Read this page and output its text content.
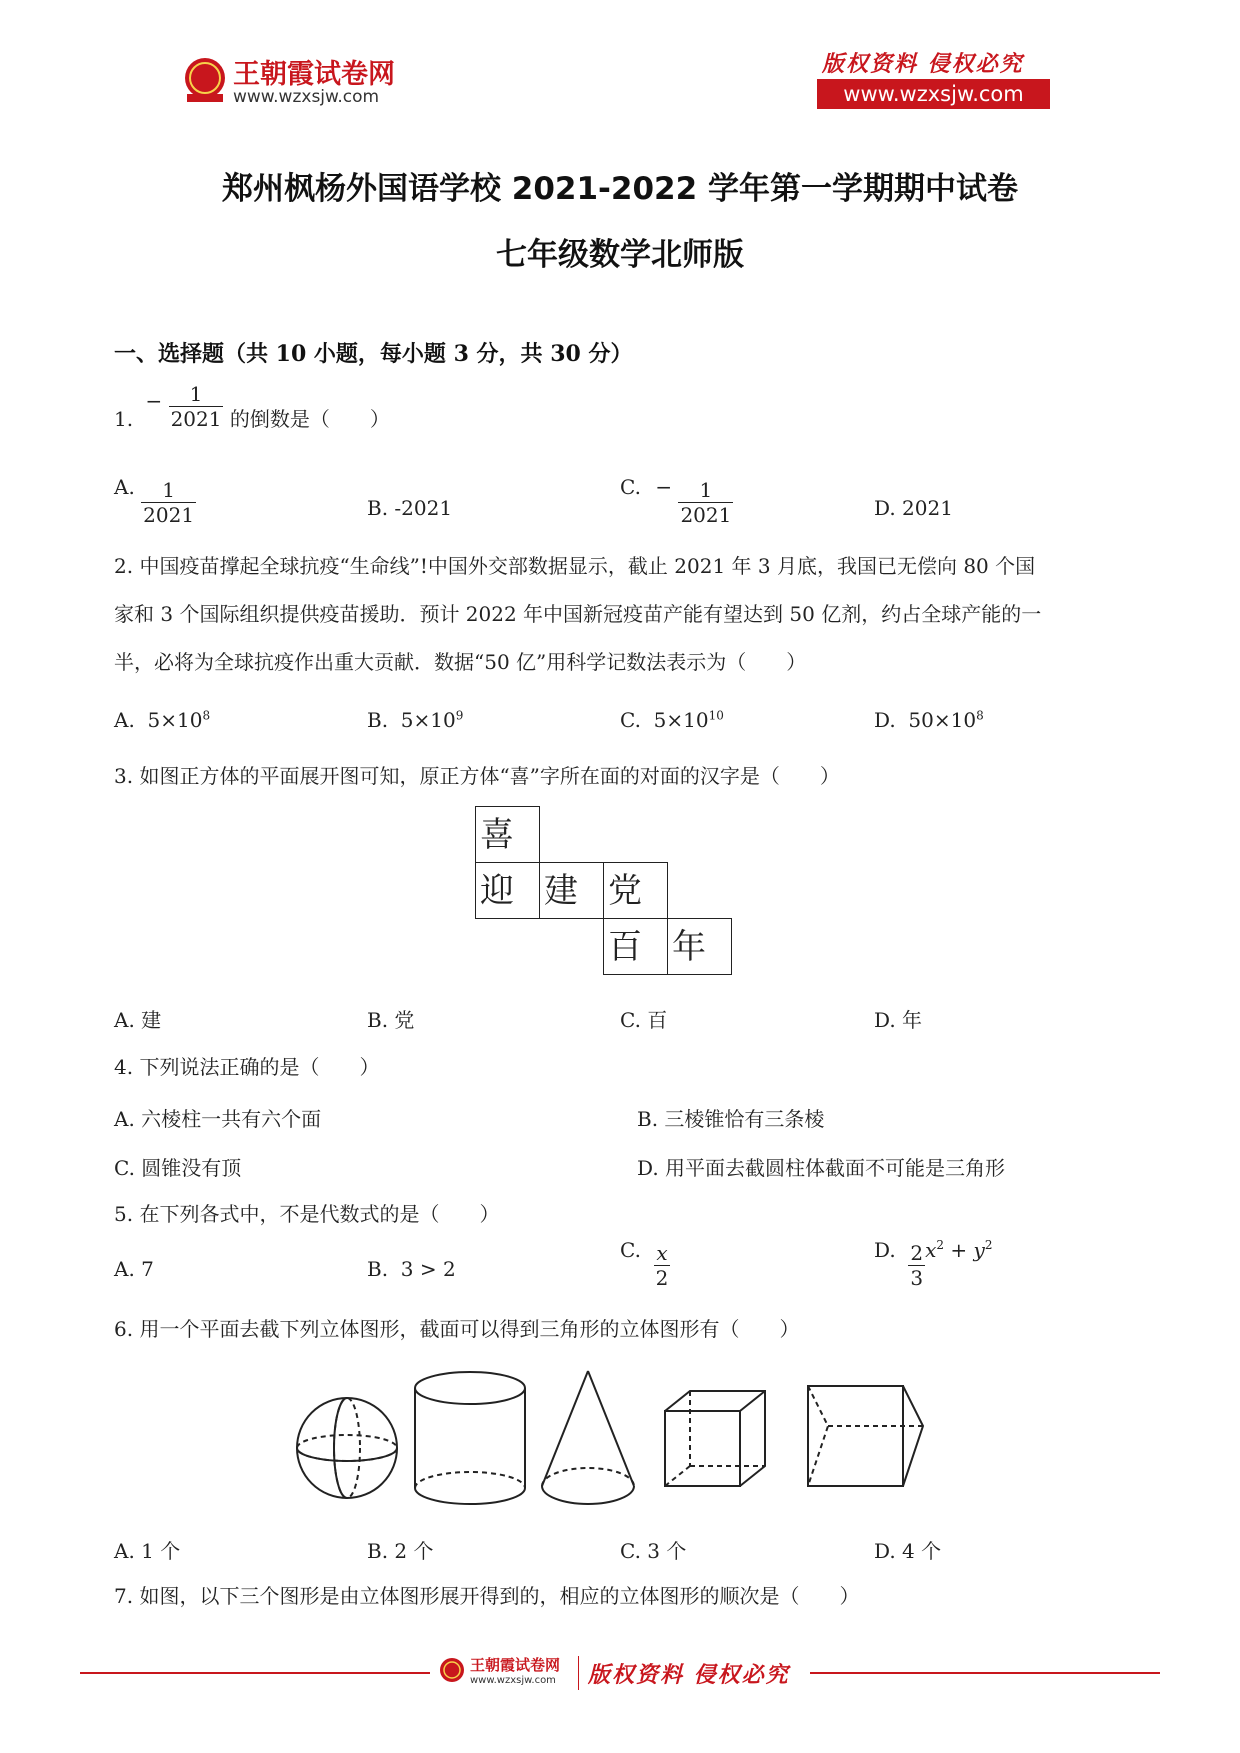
王朝霞试卷网
www.wzxsjw.com
版权资料 侵权必究
www.wzxsjw.com
郑州枫杨外国语学校 2021-2022 学年第一学期期中试卷
七年级数学北师版
一、选择题（共 10 小题，每小题 3 分，共 30 分）
1. − $\frac{1}{2021}$ 的倒数是（　　）
A. $\frac{1}{2021}$	B. -2021
C. − $\frac{1}{2021}$	D. 2021
2. 中国疫苗撑起全球抗疫“生命线”!中国外交部数据显示，截止 2021 年 3 月底，我国已无偿向 80 个国
家和 3 个国际组织提供疫苗援助．预计 2022 年中国新冠疫苗产能有望达到 50 亿剂，约占全球产能的一
半，必将为全球抗疫作出重大贡献．数据“50 亿”用科学记数法表示为（　　）
A. $5\times 10^8$	B. $5\times 10^9$	C. $5\times 10^{10}$	D. $50\times 10^8$
3. 如图正方体的平面展开图可知，原正方体“喜”字所在面的对面的汉字是（　　）
喜
迎 建 党
百 年
A. 建	B. 党	C. 百	D. 年
4. 下列说法正确的是（　　）
A. 六棱柱一共有六个面	B. 三棱锥恰有三条棱
C. 圆锥没有顶	D. 用平面去截圆柱体截面不可能是三角形
5. 在下列各式中，不是代数式的是（　　）
A. 7	B. 3 > 2
C. $\frac{x}{2}$	D. $\frac{2}{3} x^2 + y^2$
6. 用一个平面去截下列立体图形，截面可以得到三角形的立体图形有（　　）
A. 1 个	B. 2 个	C. 3 个	D. 4 个
7. 如图，以下三个图形是由立体图形展开得到的，相应的立体图形的顺次是（　　）
王朝霞试卷网
www.wzxsjw.com 版权资料 侵权必究
